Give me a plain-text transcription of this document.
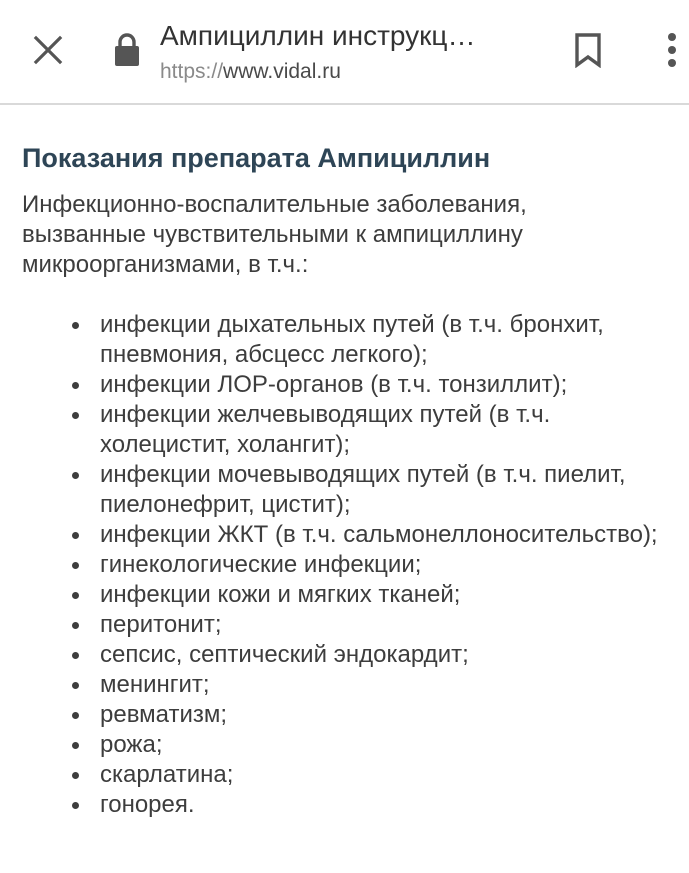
Ампициллин инструкц…
https://www.vidal.ru
Показания препарата Ампициллин

Инфекционно-воспалительные заболевания, вызванные чувствительными к ампициллину микроорганизмами, в т.ч.:

инфекции дыхательных путей (в т.ч. бронхит, пневмония, абсцесс легкого);
инфекции ЛОР-органов (в т.ч. тонзиллит);
инфекции желчевыводящих путей (в т.ч. холецистит, холангит);
инфекции мочевыводящих путей (в т.ч. пиелит, пиелонефрит, цистит);
инфекции ЖКТ (в т.ч. сальмонеллоносительство);
гинекологические инфекции;
инфекции кожи и мягких тканей;
перитонит;
сепсис, септический эндокардит;
менингит;
ревматизм;
рожа;
скарлатина;
гонорея.
